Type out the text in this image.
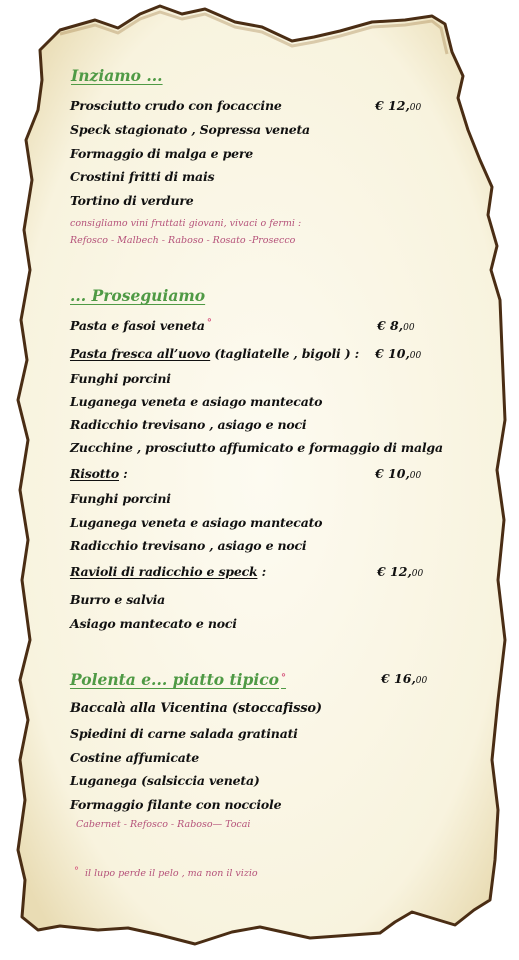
Inziamo ...
Prosciutto crudo con focaccine	€ 12,00
Speck stagionato , Sopressa veneta
Formaggio di malga e pere
Crostini fritti di mais
Tortino di verdure
consigliamo vini fruttati giovani, vivaci o fermi :
Refosco - Malbech - Raboso - Rosato -Prosecco
... Proseguiamo
Pasta e fasoi veneta °	€ 8,00
Pasta fresca all’uovo (tagliatelle , bigoli ) : € 10,00
Funghi porcini
Luganega veneta e asiago mantecato
Radicchio trevisano , asiago e noci
Zucchine , prosciutto affumicato e formaggio di malga
Risotto :	€ 10,00
Funghi porcini
Luganega veneta e asiago mantecato
Radicchio trevisano , asiago e noci
Ravioli di radicchio e speck :	€ 12,00
Burro e salvia
Asiago mantecato e noci
Polenta e... piatto tipico °	€ 16,00
Baccalà alla Vicentina (stoccafisso)
Spiedini di carne salada gratinati
Costine affumicate
Luganega (salsiccia veneta)
Formaggio filante con nocciole
Cabernet - Refosco - Raboso— Tocai
° il lupo perde il pelo , ma non il vizio
